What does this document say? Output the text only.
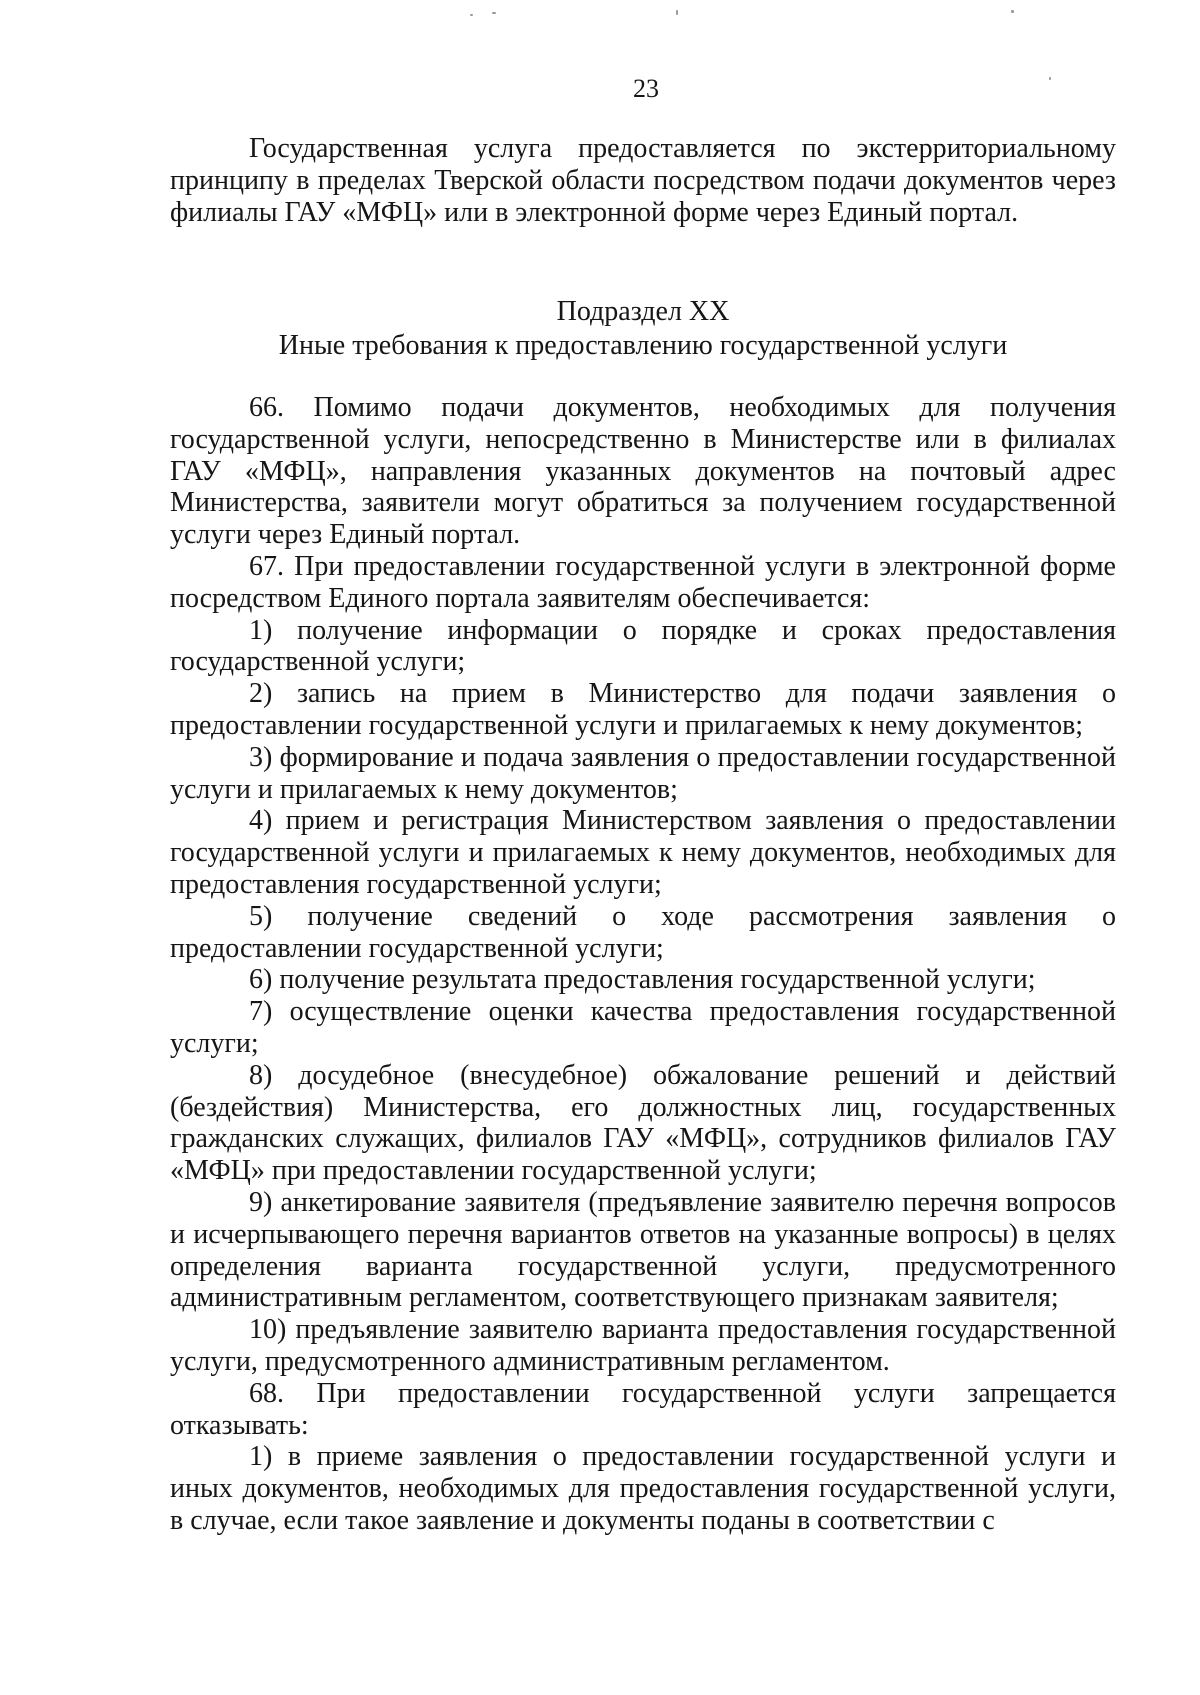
23

Государственная услуга предоставляется по экстерриториальному принципу в пределах Тверской области посредством подачи документов через филиалы ГАУ «МФЦ» или в электронной форме через Единый портал.

Подраздел XX
Иные требования к предоставлению государственной услуги

66. Помимо подачи документов, необходимых для получения государственной услуги, непосредственно в Министерстве или в филиалах ГАУ «МФЦ», направления указанных документов на почтовый адрес Министерства, заявители могут обратиться за получением государственной услуги через Единый портал.

67. При предоставлении государственной услуги в электронной форме посредством Единого портала заявителям обеспечивается:

1) получение информации о порядке и сроках предоставления государственной услуги;

2) запись на прием в Министерство для подачи заявления о предоставлении государственной услуги и прилагаемых к нему документов;

3) формирование и подача заявления о предоставлении государственной услуги и прилагаемых к нему документов;

4) прием и регистрация Министерством заявления о предоставлении государственной услуги и прилагаемых к нему документов, необходимых для предоставления государственной услуги;

5) получение сведений о ходе рассмотрения заявления о предоставлении государственной услуги;

6) получение результата предоставления государственной услуги;

7) осуществление оценки качества предоставления государственной услуги;

8) досудебное (внесудебное) обжалование решений и действий (бездействия) Министерства, его должностных лиц, государственных гражданских служащих, филиалов ГАУ «МФЦ», сотрудников филиалов ГАУ «МФЦ» при предоставлении государственной услуги;

9) анкетирование заявителя (предъявление заявителю перечня вопросов и исчерпывающего перечня вариантов ответов на указанные вопросы) в целях определения варианта государственной услуги, предусмотренного административным регламентом, соответствующего признакам заявителя;

10) предъявление заявителю варианта предоставления государственной услуги, предусмотренного административным регламентом.

68. При предоставлении государственной услуги запрещается отказывать:

1) в приеме заявления о предоставлении государственной услуги и иных документов, необходимых для предоставления государственной услуги, в случае, если такое заявление и документы поданы в соответствии с
